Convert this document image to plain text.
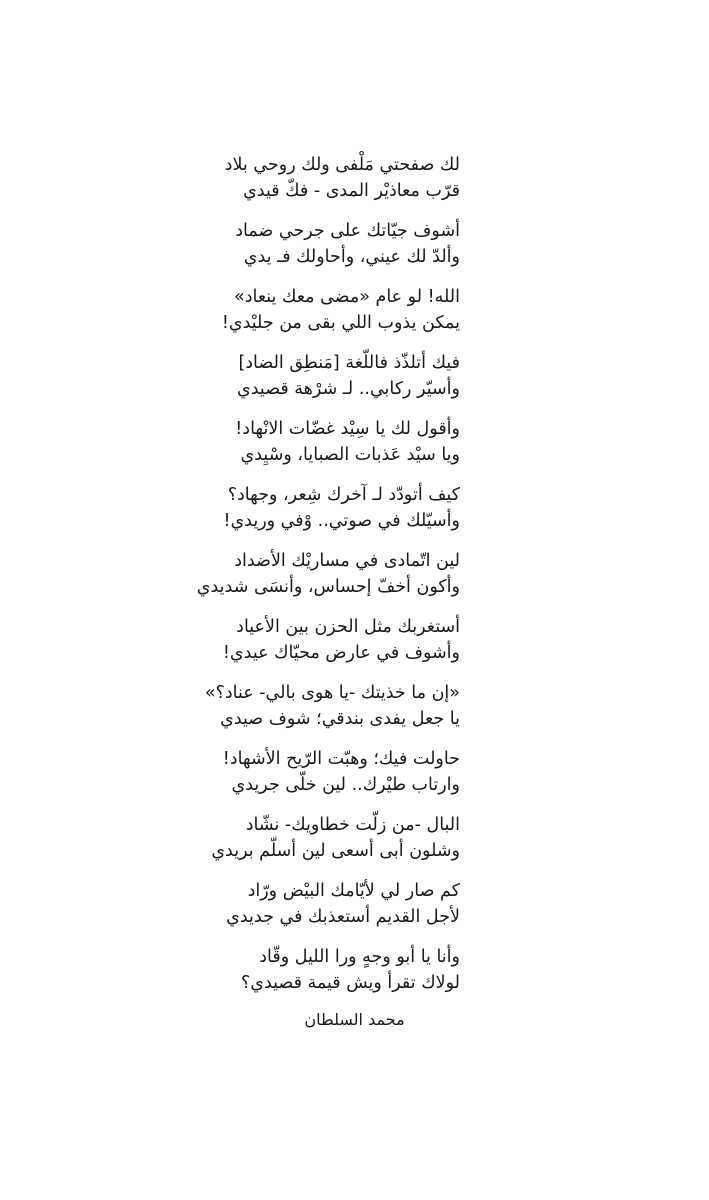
لك صفحتي مَلْفى ولك روحي بلاد
قرّب معاذيْر المدى - فكّ قيدي
أشوف جيّاتك على جرحي ضماد
وألدّ لك عيني، وأحاولك فـ يدي
الله! لو عام «مضى معك ينعاد»
يمكن يذوب اللي بقى من جليْدي!
فيك أتلذّذ فاللّغة [مَنطِق الضاد]
وأسيّر ركابي.. لـ شرْهة قصيدي
وأقول لك يا سِيْد غضّات الانْهاد!
ويا سيْد عَذبات الصبايا، وسْيِدي
كيف أتودّد لـ آخرك شِعر، وجهاد؟
وأسيّلك في صوتي.. وْفي وريدي!
لين اتّمادى في مساريْك الأضداد
وأكون أخفّ إحساس، وأنسَى شديدي
أستغربك مثل الحزن بين الأعياد
وأشوف في عارض محيّاك عيدي!
«إن ما خذيتك -يا هوى بالي- عناد؟»
يا جعل يفدى بندقي؛ شوف صيدي
حاولت فيك؛ وهبّت الرّيح الأشهاد!
وارتاب طيْرك.. لين خلّى جريدي
البال -من زلّت خطاويك- نشّاد
وشلون أبى أسعى لين أسلّم بريدي
كم صار لي لأيّامك البيْض ورّاد
لأجل القديم أستعذبك في جديدي
وأنا يا أبو وجهٍ ورا الليل وقّاد
لولاك تقرأ ويش قيمة قصيدي؟
محمد السلطان
